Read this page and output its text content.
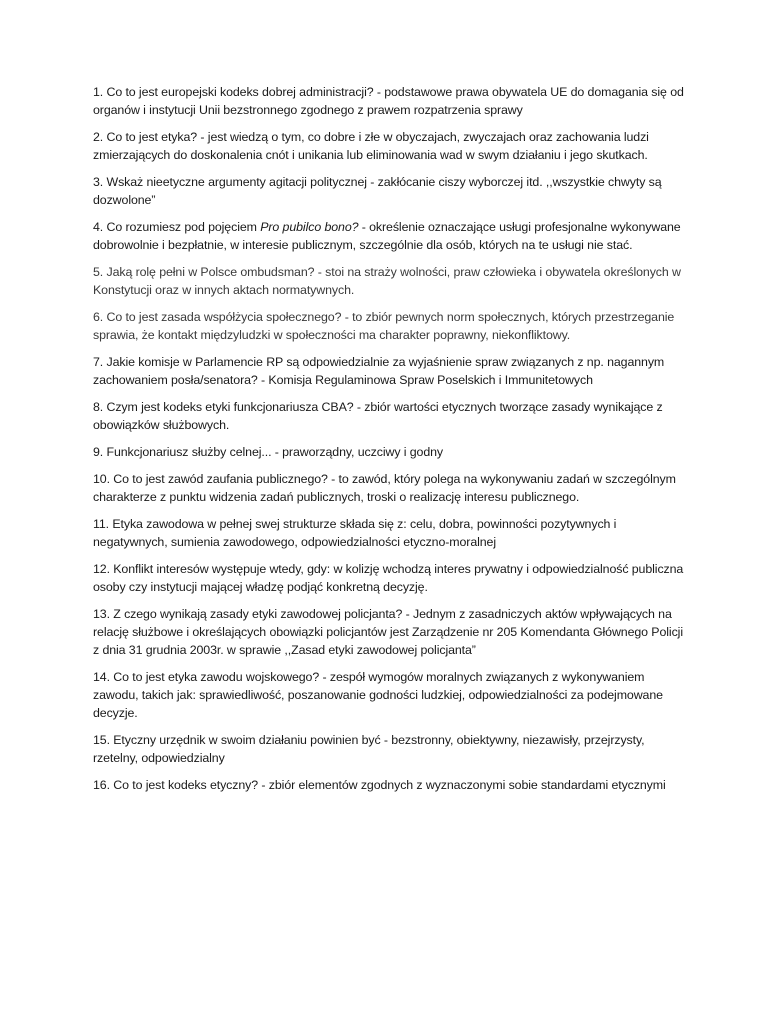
1. Co to jest europejski kodeks dobrej administracji? - podstawowe prawa obywatela UE do domagania się od organów i instytucji Unii bezstronnego zgodnego z prawem rozpatrzenia sprawy

2. Co to jest etyka? - jest wiedzą o tym, co dobre i złe w obyczajach, zwyczajach oraz zachowania ludzi zmierzających do doskonalenia cnót i unikania lub eliminowania wad w swym działaniu i jego skutkach.

3. Wskaż nieetyczne argumenty agitacji politycznej - zakłócanie ciszy wyborczej itd. ,,wszystkie chwyty są dozwolone”

4. Co rozumiesz pod pojęciem Pro pubilco bono? - określenie oznaczające usługi profesjonalne wykonywane dobrowolnie i bezpłatnie, w interesie publicznym, szczególnie dla osób, których na te usługi nie stać.

5. Jaką rolę pełni w Polsce ombudsman? - stoi na straży wolności, praw człowieka i obywatela określonych w Konstytucji oraz w innych aktach normatywnych.

6. Co to jest zasada współżycia społecznego? - to zbiór pewnych norm społecznych, których przestrzeganie sprawia, że kontakt międzyludzki w społeczności ma charakter poprawny, niekonfliktowy.

7. Jakie komisje w Parlamencie RP są odpowiedzialnie za wyjaśnienie spraw związanych z np. nagannym zachowaniem posła/senatora? - Komisja Regulaminowa Spraw Poselskich i Immunitetowych

8. Czym jest kodeks etyki funkcjonariusza CBA? - zbiór wartości etycznych tworzące zasady wynikające z obowiązków służbowych.

9. Funkcjonariusz służby celnej... - praworządny, uczciwy i godny

10. Co to jest zawód zaufania publicznego? - to zawód, który polega na wykonywaniu zadań w szczególnym charakterze z punktu widzenia zadań publicznych, troski o realizację interesu publicznego.

11. Etyka zawodowa w pełnej swej strukturze składa się z: celu, dobra, powinności pozytywnych i negatywnych, sumienia zawodowego, odpowiedzialności etyczno-moralnej

12. Konflikt interesów występuje wtedy, gdy: w kolizję wchodzą interes prywatny i odpowiedzialność publiczna osoby czy instytucji mającej władzę podjąć konkretną decyzję.

13. Z czego wynikają zasady etyki zawodowej policjanta? - Jednym z zasadniczych aktów wpływających na relację służbowe i określających obowiązki policjantów jest Zarządzenie nr 205 Komendanta Głównego Policji z dnia 31 grudnia 2003r. w sprawie ,,Zasad etyki zawodowej policjanta”

14. Co to jest etyka zawodu wojskowego? - zespół wymogów moralnych związanych z wykonywaniem zawodu, takich jak: sprawiedliwość, poszanowanie godności ludzkiej, odpowiedzialności za podejmowane decyzje.

15. Etyczny urzędnik w swoim działaniu powinien być - bezstronny, obiektywny, niezawisły, przejrzysty, rzetelny, odpowiedzialny

16. Co to jest kodeks etyczny? - zbiór elementów zgodnych z wyznaczonymi sobie standardami etycznymi
